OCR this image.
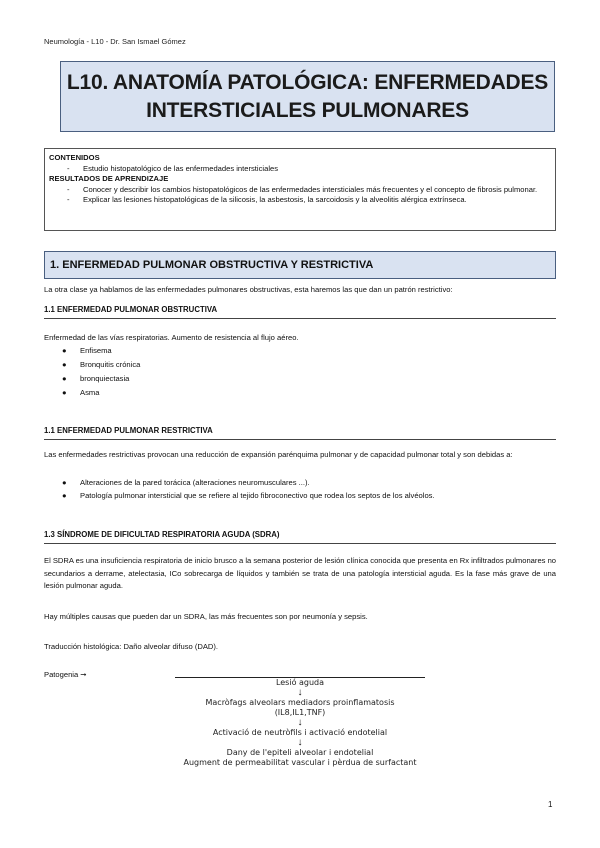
Neumología - L10 - Dr. San Ismael Gómez
L10. ANATOMÍA PATOLÓGICA: ENFERMEDADES
INTERSTICIALES PULMONARES
CONTENIDOS
- Estudio histopatológico de las enfermedades intersticiales
RESULTADOS DE APRENDIZAJE
- Conocer y describir los cambios histopatológicos de las enfermedades intersticiales más frecuentes y el concepto de fibrosis pulmonar.
- Explicar las lesiones histopatológicas de la silicosis, la asbestosis, la sarcoidosis y la alveolitis alérgica extrínseca.
1. ENFERMEDAD PULMONAR OBSTRUCTIVA Y RESTRICTIVA
La otra clase ya hablamos de las enfermedades pulmonares obstructivas, esta haremos las que dan un patrón restrictivo:
1.1 ENFERMEDAD PULMONAR OBSTRUCTIVA
Enfermedad de las vías respiratorias. Aumento de resistencia al flujo aéreo.
● Enfisema
● Bronquitis crónica
● bronquiectasia
● Asma
1.1 ENFERMEDAD PULMONAR RESTRICTIVA
Las enfermedades restrictivas provocan una reducción de expansión parénquima pulmonar y de capacidad pulmonar total y son debidas a:
● Alteraciones de la pared torácica (alteraciones neuromusculares ...).
● Patología pulmonar intersticial que se refiere al tejido fibroconectivo que rodea los septos de los alvéolos.
1.3 SÍNDROME DE DIFICULTAD RESPIRATORIA AGUDA (SDRA)
El SDRA es una insuficiencia respiratoria de inicio brusco a la semana posterior de lesión clínica conocida que presenta en Rx infiltrados pulmonares no secundarios a derrame, atelectasia, ICo sobrecarga de líquidos y también se trata de una patología intersticial aguda. Es la fase más grave de una lesión pulmonar aguda.
Hay múltiples causas que pueden dar un SDRA, las más frecuentes son por neumonía y sepsis.
Traducción histológica: Daño alveolar difuso (DAD).
Patogenia ➞
Lesió aguda
↓
Macròfags alveolars mediadors proinflamatosis
(IL8,IL1,TNF)
↓
Activació de neutròfils i activació endotelial
↓
Dany de l'epiteli alveolar i endotelial
Augment de permeabilitat vascular i pèrdua de surfactant
1
